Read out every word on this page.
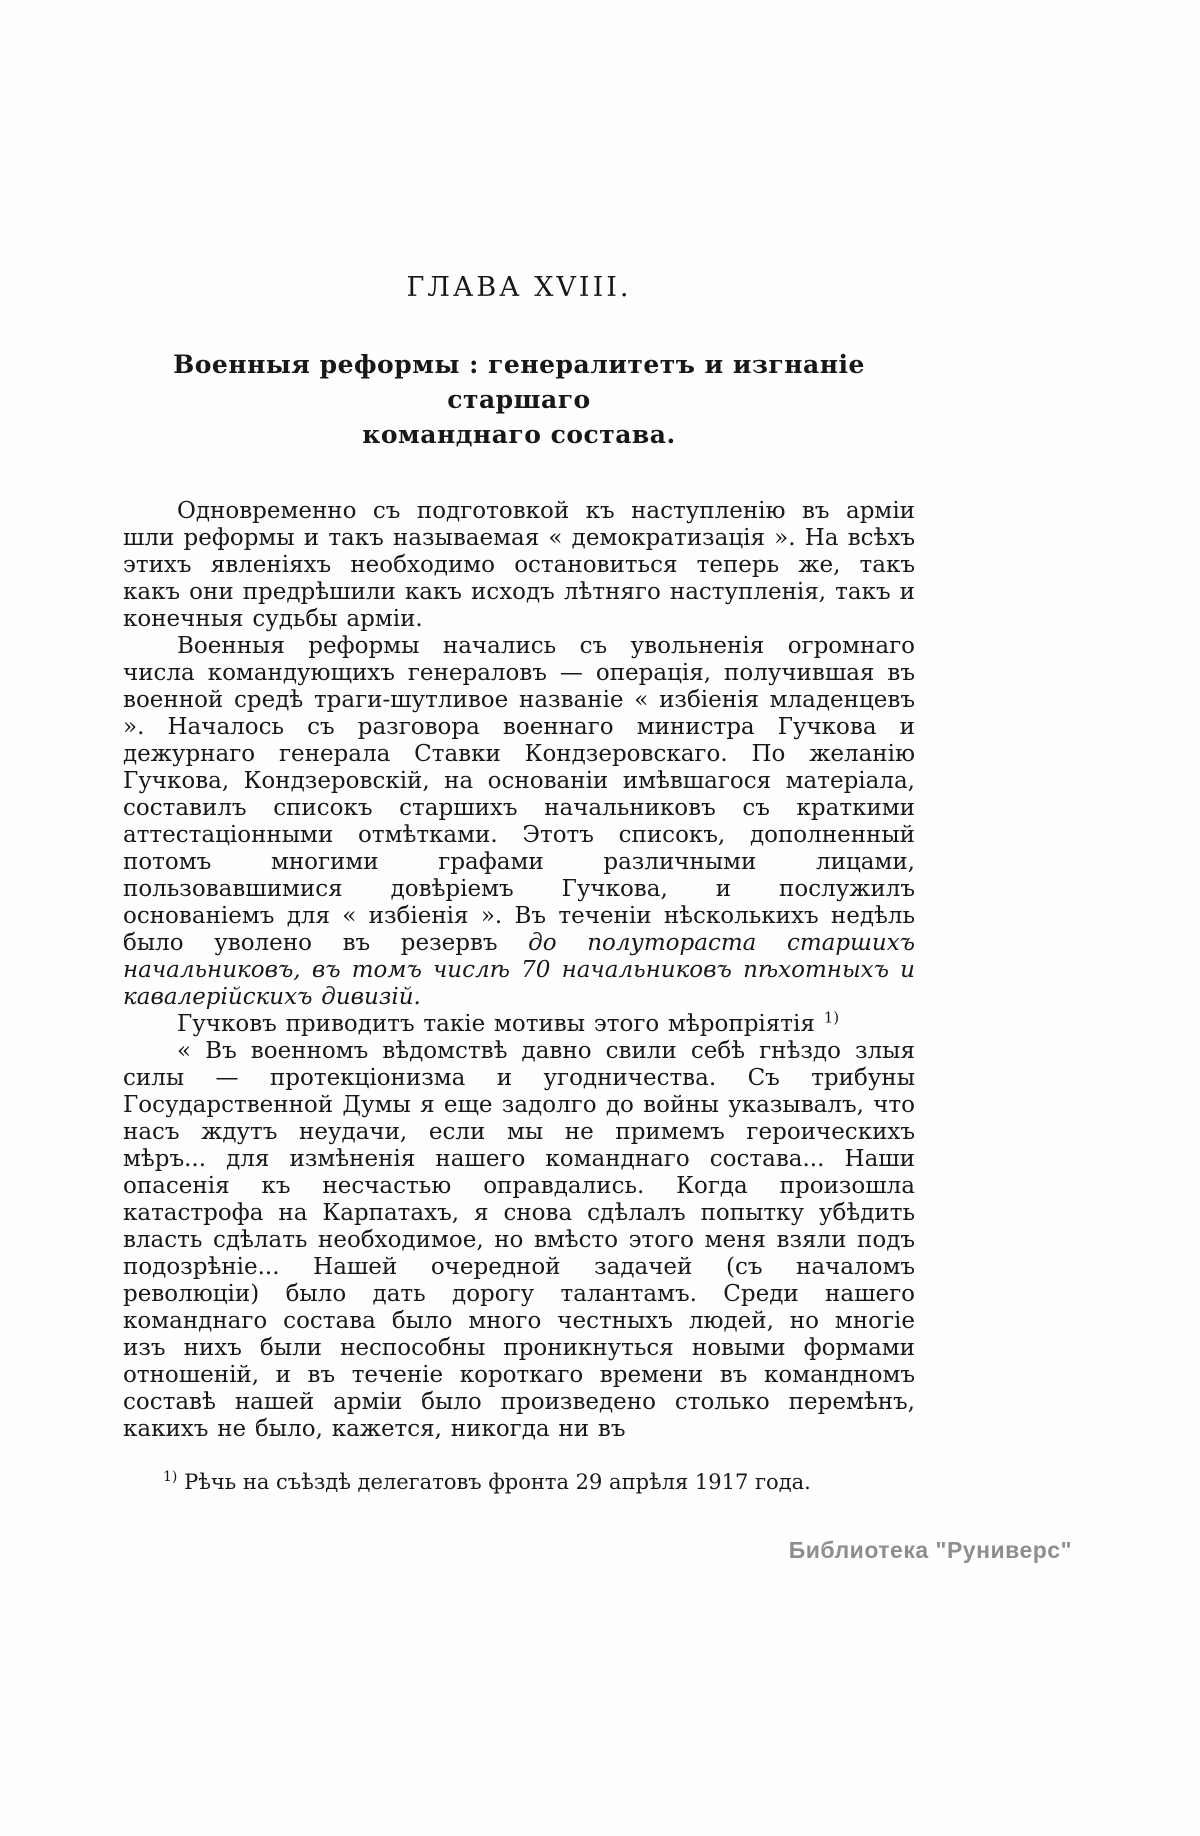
ГЛАВА XVIII.
Военныя реформы : генералитетъ и изгнаніе старшаго
команднаго состава.

Одновременно съ подготовкой къ наступленію въ арміи шли реформы и такъ называемая « демократизація ». На всѣхъ этихъ явленіяхъ необходимо остановиться теперь же, такъ какъ они предрѣшили какъ исходъ лѣтняго наступленія, такъ и конечныя судьбы арміи.

Военныя реформы начались съ увольненія огромнаго числа командующихъ генераловъ — операція, получившая въ военной средѣ траги-шутливое названіе « избіенія младенцевъ ». Началось съ разговора военнаго министра Гучкова и дежурнаго генерала Ставки Кондзеровскаго. По желанію Гучкова, Кондзеровскій, на основаніи имѣвшагося матеріала, составилъ списокъ старшихъ начальниковъ съ краткими аттестаціонными отмѣтками. Этотъ списокъ, дополненный потомъ многими графами различными лицами, пользовавшимися довѣріемъ Гучкова, и послужилъ основаніемъ для « избіенія ». Въ теченіи нѣсколькихъ недѣль было уволено въ резервъ до полутораста старшихъ начальниковъ, въ томъ числѣ 70 начальниковъ пѣхотныхъ и кавалерійскихъ дивизій.

Гучковъ приводитъ такіе мотивы этого мѣропріятія $^{1)}$

« Въ военномъ вѣдомствѣ давно свили себѣ гнѣздо злыя силы — протекціонизма и угодничества. Съ трибуны Государственной Думы я еще задолго до войны указывалъ, что насъ ждутъ неудачи, если мы не примемъ героическихъ мѣръ... для измѣненія нашего команднаго состава... Наши опасенія къ несчастью оправдались. Когда произошла катастрофа на Карпатахъ, я снова сдѣлалъ попытку убѣдить власть сдѣлать необходимое, но вмѣсто этого меня взяли подъ подозрѣніе... Нашей очередной задачей (съ началомъ революціи) было дать дорогу талантамъ. Среди нашего команднаго состава было много честныхъ людей, но многіе изъ нихъ были неспособны проникнуться новыми формами отношеній, и въ теченіе короткаго времени въ командномъ составѣ нашей арміи было произведено столько перемѣнъ, какихъ не было, кажется, никогда ни въ

$^{1)}$ Рѣчь на съѣздѣ делегатовъ фронта 29 апрѣля 1917 года.

Библиотека "Руниверс"
